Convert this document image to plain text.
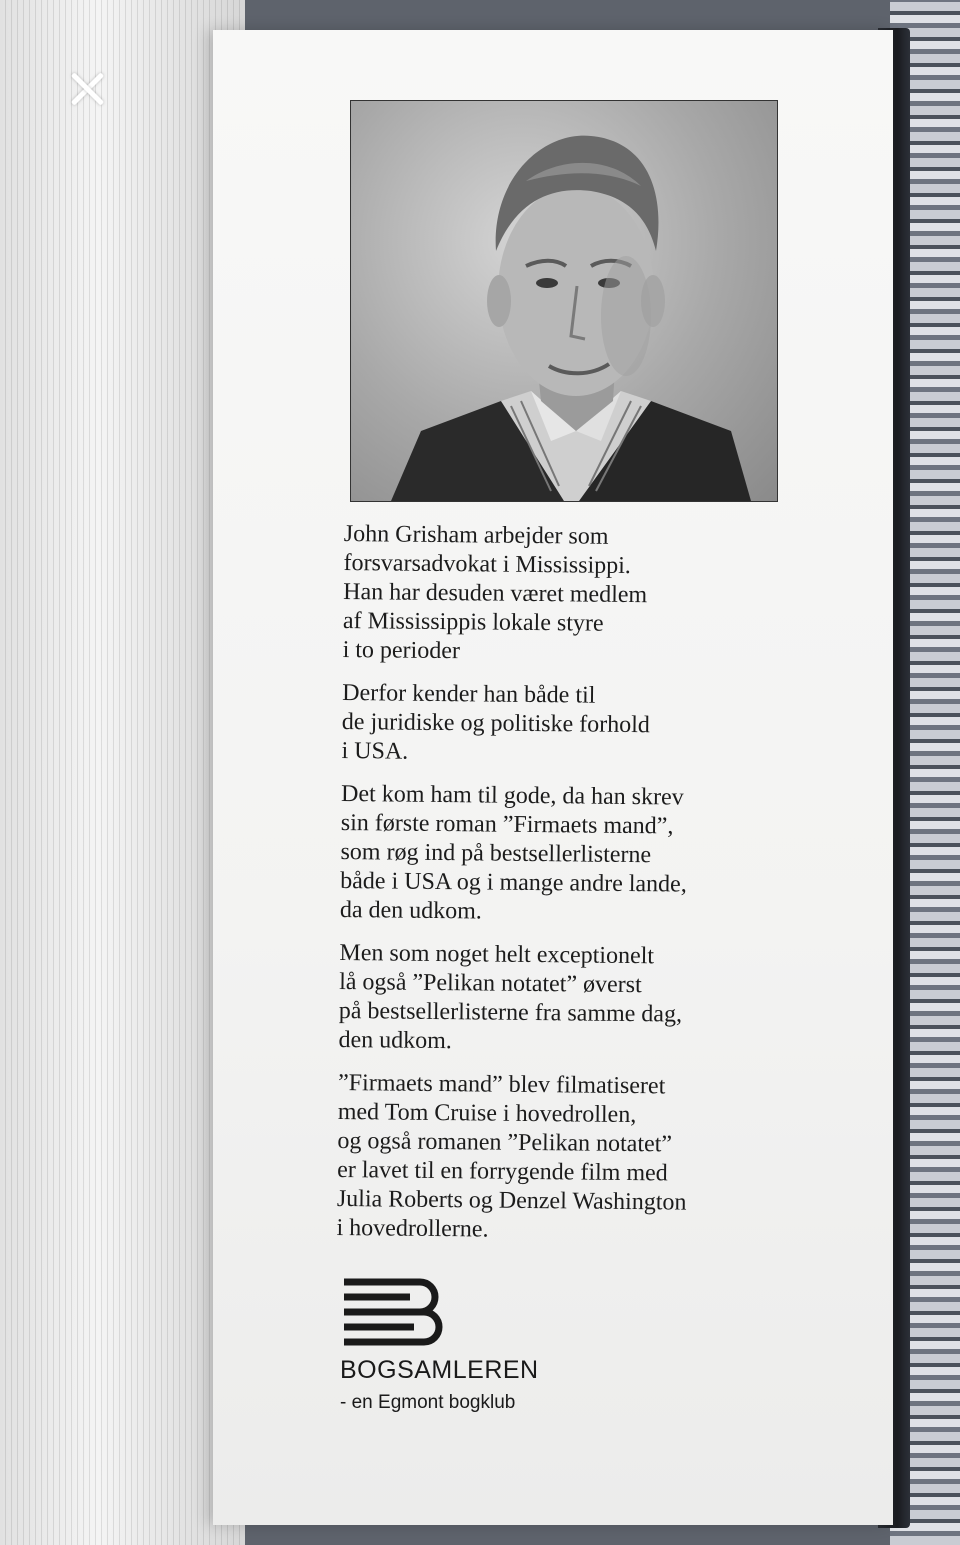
John Grisham arbejder som
forsvarsadvokat i Mississippi.
Han har desuden været medlem
af Mississippis lokale styre
i to perioder

Derfor kender han både til
de juridiske og politiske forhold
i USA.

Det kom ham til gode, da han skrev
sin første roman ”Firmaets mand”,
som røg ind på bestsellerlisterne
både i USA og i mange andre lande,
da den udkom.

Men som noget helt exceptionelt
lå også ”Pelikan notatet” øverst
på bestsellerlisterne fra samme dag,
den udkom.

”Firmaets mand” blev filmatiseret
med Tom Cruise i hovedrollen,
og også romanen ”Pelikan notatet”
er lavet til en forrygende film med
Julia Roberts og Denzel Washington
i hovedrollerne.

BOGSAMLEREN
- en Egmont bogklub
